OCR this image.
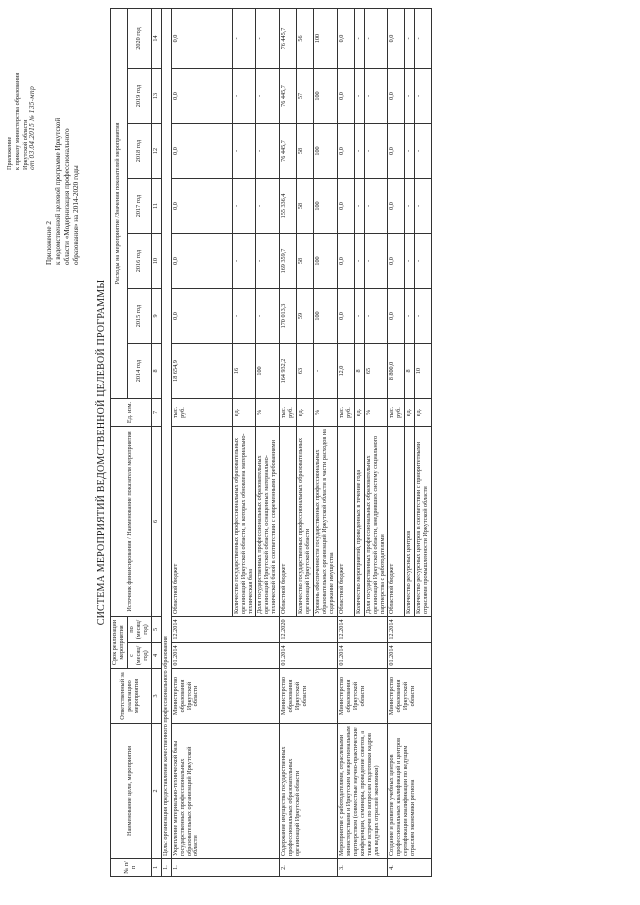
Приложение к приказу министерства образования Иркутской области от 03.04.2015 № 135-мпр
Приложение 2 к ведомственной целевой программе Иркутской области «Модернизация профессионального образования» на 2014-2020 годы
СИСТЕМА МЕРОПРИЯТИЙ ВЕДОМСТВЕННОЙ ЦЕЛЕВОЙ ПРОГРАММЫ
№ п/п	Наименование цели, мероприятия	Ответственный за реализацию мероприятия	Срок реализации мероприятия		Источник финансирования / Наименование показателя мероприятия	Ед. изм.	Расходы на мероприятие /Значения показателей мероприятия						
			с (месяц/ год)	по (месяц/ год)			2014 год	2015 год	2016 год	2017 год	2018 год	2019 год	2020 год
1	2	3	4	5	6	7	8	9	10	11	12	13	14
1.	Цель: организация предоставления качественного профессионального образования												
1.	Укрепление материально-технической базы государственных профессиональных образовательных организаций Иркутской области	Министерство образования Иркутской области	01.2014	12.2014	Областной бюджет	тыс. руб.	18 654,9	0,0	0,0	0,0	0,0	0,0	0,0
					Количество государственных профессиональных образовательных организаций Иркутской области, в которых обновлена материально-техническая база	ед.	16	-	-	-	-	-	-
					Доля государственных профессиональных образовательных организаций Иркутской области, оснащенных материально-технической базой в соответствии с современными требованиями	%	100	-	-	-	-	-	-
2.	Содержание имущества государственных профессиональных образовательных организаций Иркутской области	Министерство образования Иркутской области	01.2014	12.2020	Областной бюджет	тыс. руб.	164 932,2	170 013,3	169 359,7	155 336,4	76 445,7	76 445,7	76 445,7
					Количество государственных профессиональных образовательных организаций Иркутской области	ед.	63	59	58	58	58	57	56
					Уровень обеспеченности государственных профессиональных образовательных организаций Иркутской области в части расходов на содержание имущества	%	-	100	100	100	100	100	100
3.	Мероприятия с работодателями, отраслевыми министерствами и Иркутским межрегиональным партнерством (совместные научно-практические конференции, семинары, проведение советов, а также встречи по вопросам подготовки кадров для ведущих отраслей экономики)	Министерство образования Иркутской области	01.2014	12.2014	Областной бюджет	тыс. руб.	12,0	0,0	0,0	0,0	0,0	0,0	0,0
					Количество мероприятий, проведенных в течение года	ед.	8	-	-	-	-	-	-
					Доля государственных профессиональных образовательных организаций Иркутской области, внедривших систему социального партнерства с работодателями	%	65	-	-	-	-	-	-
4.	Создание и развитие учебных центров профессиональных квалификаций и центров сертификации квалификации по ведущим отраслям экономики региона	Министерство образования Иркутской области	01.2014	12.2014	Областной бюджет	тыс. руб.	8 800,0	0,0	0,0	0,0	0,0	0,0	0,0
					Количество ресурсных центров	ед.	8	-	-	-	-	-	-
					Количество ресурсных центров в соответствии с приоритетными отраслями промышленности Иркутской области	ед.	10	-	-	-	-	-	-
